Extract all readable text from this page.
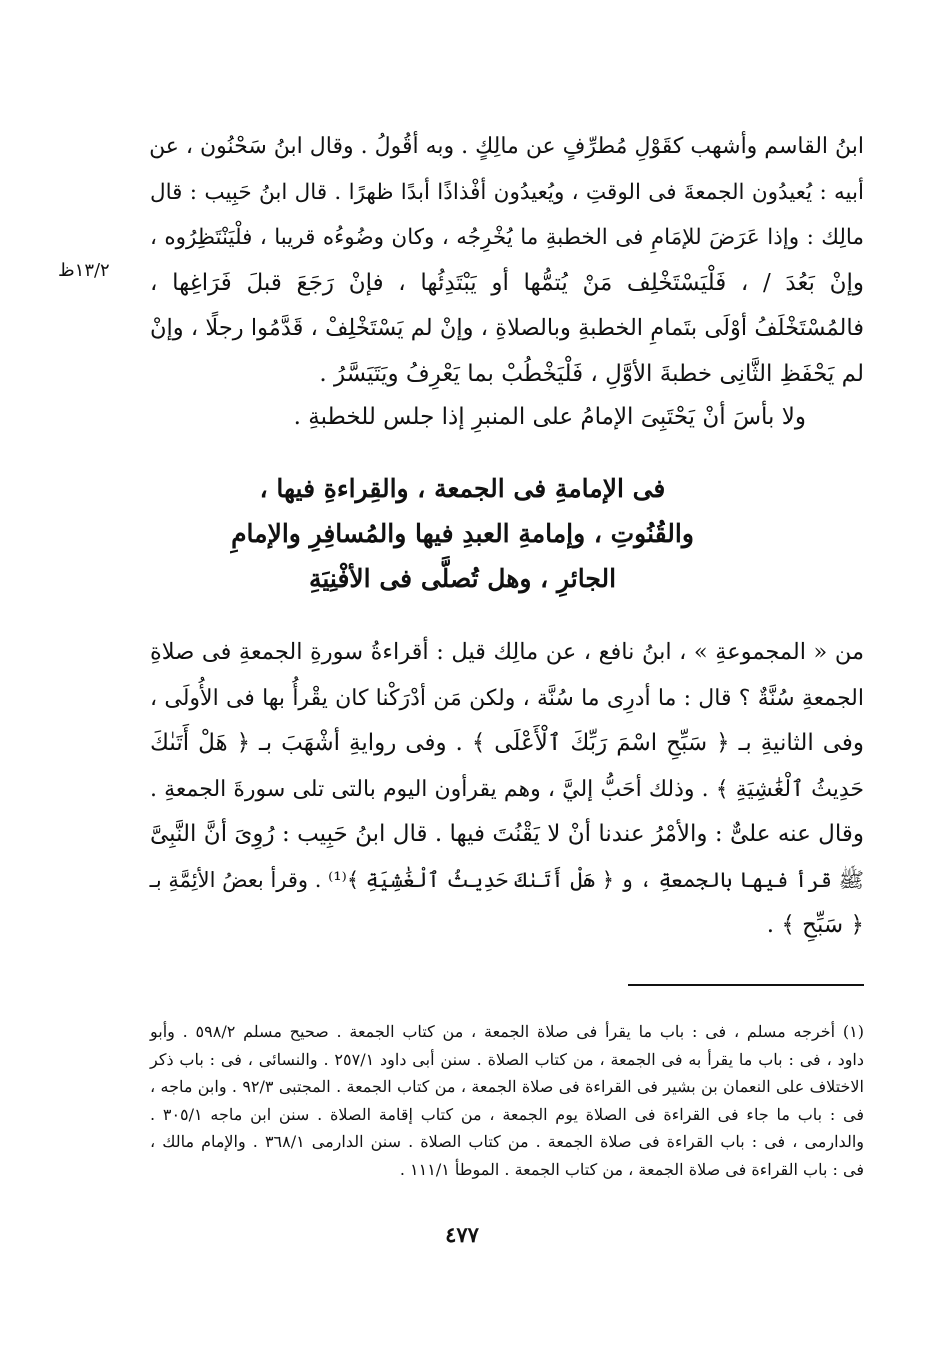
ابنُ القاسم وأشهب كقَوْلِ مُطرِّفٍ عن مالِكٍ . وبه أقُولُ . وقال ابنُ سَحْنُون ، عن
أبيه : يُعيدُون الجمعةَ فى الوقتِ ، ويُعيدُون أفْذاذًا أبدًا ظهرًا . قال ابنُ حَبِيب : قال
مالِك : وإذا عَرَضَ للإمَامِ فى الخطبةِ ما يُخْرِجُه ، وكان وضُوءُه قريبا ، فلْيَنْتَظِرُوه ،
وإنْ بَعُدَ / ، فَلْيَسْتَخْلِف مَنْ يُتمُّها أو يَبْتَدِئُها ، فإنْ رَجَعَ قبلَ فَرَاغِها ،
فالمُسْتَخْلَفُ أوْلَى بتَمامِ الخطبةِ وبالصلاةِ ، وإنْ لم يَسْتَخْلِفْ ، قَدَّمُوا رجلًا ، وإنْ
لم يَحْفَظِ الثَّانِى خطبةَ الأوَّلِ ، فَلْيَخْطُبْ بما يَعْرِفُ ويَتَيَسَّرُ .
١٣/٢ظ
ولا بأسَ أنْ يَحْتَبِىَ الإمامُ على المنبرِ إذا جلس للخطبةِ .
فى الإمامةِ فى الجمعة ، والقِراءةِ فيها ،
والقُنُوتِ ، وإمامةِ العبدِ فيها والمُسافِرِ والإمامِ
الجائرِ ، وهل تُصلَّى فى الأفْنِيَةِ
من « المجموعةِ » ، ابنُ نافع ، عن مالِك قيل : أقراءةُ سورةِ الجمعةِ فى صلاةِ
الجمعةِ سُنَّةٌ ؟ قال : ما أدرِى ما سُنَّة ، ولكن مَن أدْرَكْنا كان يقْرأُ بها فى الأُولَى ،
وفى الثانيةِ بـ ﴿ سَبِّحِ اسْمَ رَبِّكَ ٱلْأَعْلَى ﴾ . وفى روايةِ أشْهَبَ بـ ﴿ هَلْ أَتَىٰكَ
حَدِيثُ ٱلْغَٰشِيَةِ ﴾ . وذلك أحَبُّ إليَّ ، وهم يقرأون اليوم بالتى تلى سورةَ الجمعةِ .
وقال عنه علىٌّ : والأمْرُ عندنا أنْ لا يَقْنُتَ فيها . قال ابنُ حَبِيب : رُوِىَ أنَّ النَّبِىَّ
ﷺ قرأ فيها بالجمعةِ ، و ﴿ هَلْ أَتَىٰكَ حَدِيثُ ٱلْغَٰشِيَةِ ﴾⁽¹⁾ . وقرأ بعضُ الأئِمَّةِ بـ
﴿ سَبِّحِ ﴾ .
(١) أخرجه مسلم ، فى : باب ما يقرأ فى صلاة الجمعة ، من كتاب الجمعة . صحيح مسلم ٥٩٨/٢ . وأبو
داود ، فى : باب ما يقرأ به فى الجمعة ، من كتاب الصلاة . سنن أبى داود ٢٥٧/١ . والنسائى ، فى : باب ذكر
الاختلاف على النعمان بن بشير فى القراءة فى صلاة الجمعة ، من كتاب الجمعة . المجتبى ٩٢/٣ . وابن ماجه ،
فى : باب ما جاء فى القراءة فى الصلاة يوم الجمعة ، من كتاب إقامة الصلاة . سنن ابن ماجه ٣٠٥/١ .
والدارمى ، فى : باب القراءة فى صلاة الجمعة . من كتاب الصلاة . سنن الدارمى ٣٦٨/١ . والإمام مالك ،
فى : باب القراءة فى صلاة الجمعة ، من كتاب الجمعة . الموطأ ١١١/١ .
٤٧٧
